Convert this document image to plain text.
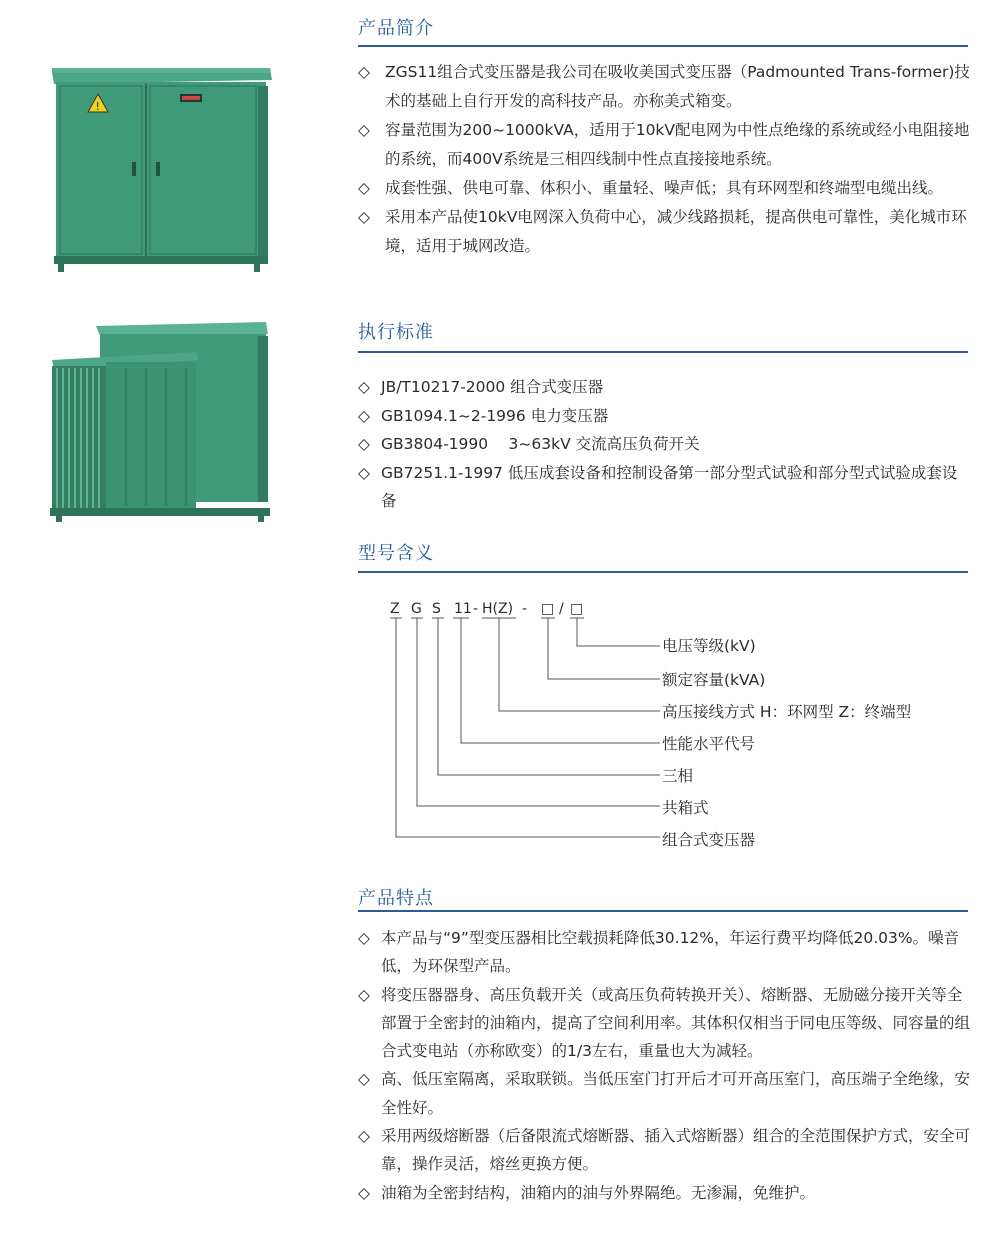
!
产品简介
◇ ZGS11组合式变压器是我公司在吸收美国式变压器（Padmounted Trans-former)技术的基础上自行开发的高科技产品。亦称美式箱变。
◇ 容量范围为200~1000kVA，适用于10kV配电网为中性点绝缘的系统或经小电阻接地的系统，而400V系统是三相四线制中性点直接接地系统。
◇ 成套性强、供电可靠、体积小、重量轻、噪声低；具有环网型和终端型电缆出线。
◇ 采用本产品使10kV电网深入负荷中心，减少线路损耗，提高供电可靠性，美化城市环境，适用于城网改造。
执行标准
◇ JB/T10217-2000 组合式变压器
◇ GB1094.1~2-1996 电力变压器
◇ GB3804-1990　 3~63kV 交流高压负荷开关
◇ GB7251.1-1997 低压成套设备和控制设备第一部分型式试验和部分型式试验成套设备
型号含义
Z G S 11 - H(Z) - □ / □
电压等级(kV)
额定容量(kVA)
高压接线方式 H：环网型 Z：终端型
性能水平代号
三相
共箱式
组合式变压器
产品特点
◇ 本产品与“9”型变压器相比空载损耗降低30.12%，年运行费平均降低20.03%。噪音低，为环保型产品。
◇ 将变压器器身、高压负载开关（或高压负荷转换开关）、熔断器、无励磁分接开关等全部置于全密封的油箱内，提高了空间利用率。其体积仅相当于同电压等级、同容量的组合式变电站（亦称欧变）的1/3左右，重量也大为减轻。
◇ 高、低压室隔离，采取联锁。当低压室门打开后才可开高压室门，高压端子全绝缘，安全性好。
◇ 采用两级熔断器（后备限流式熔断器、插入式熔断器）组合的全范围保护方式，安全可靠，操作灵活，熔丝更换方便。
◇ 油箱为全密封结构，油箱内的油与外界隔绝。无渗漏，免维护。
